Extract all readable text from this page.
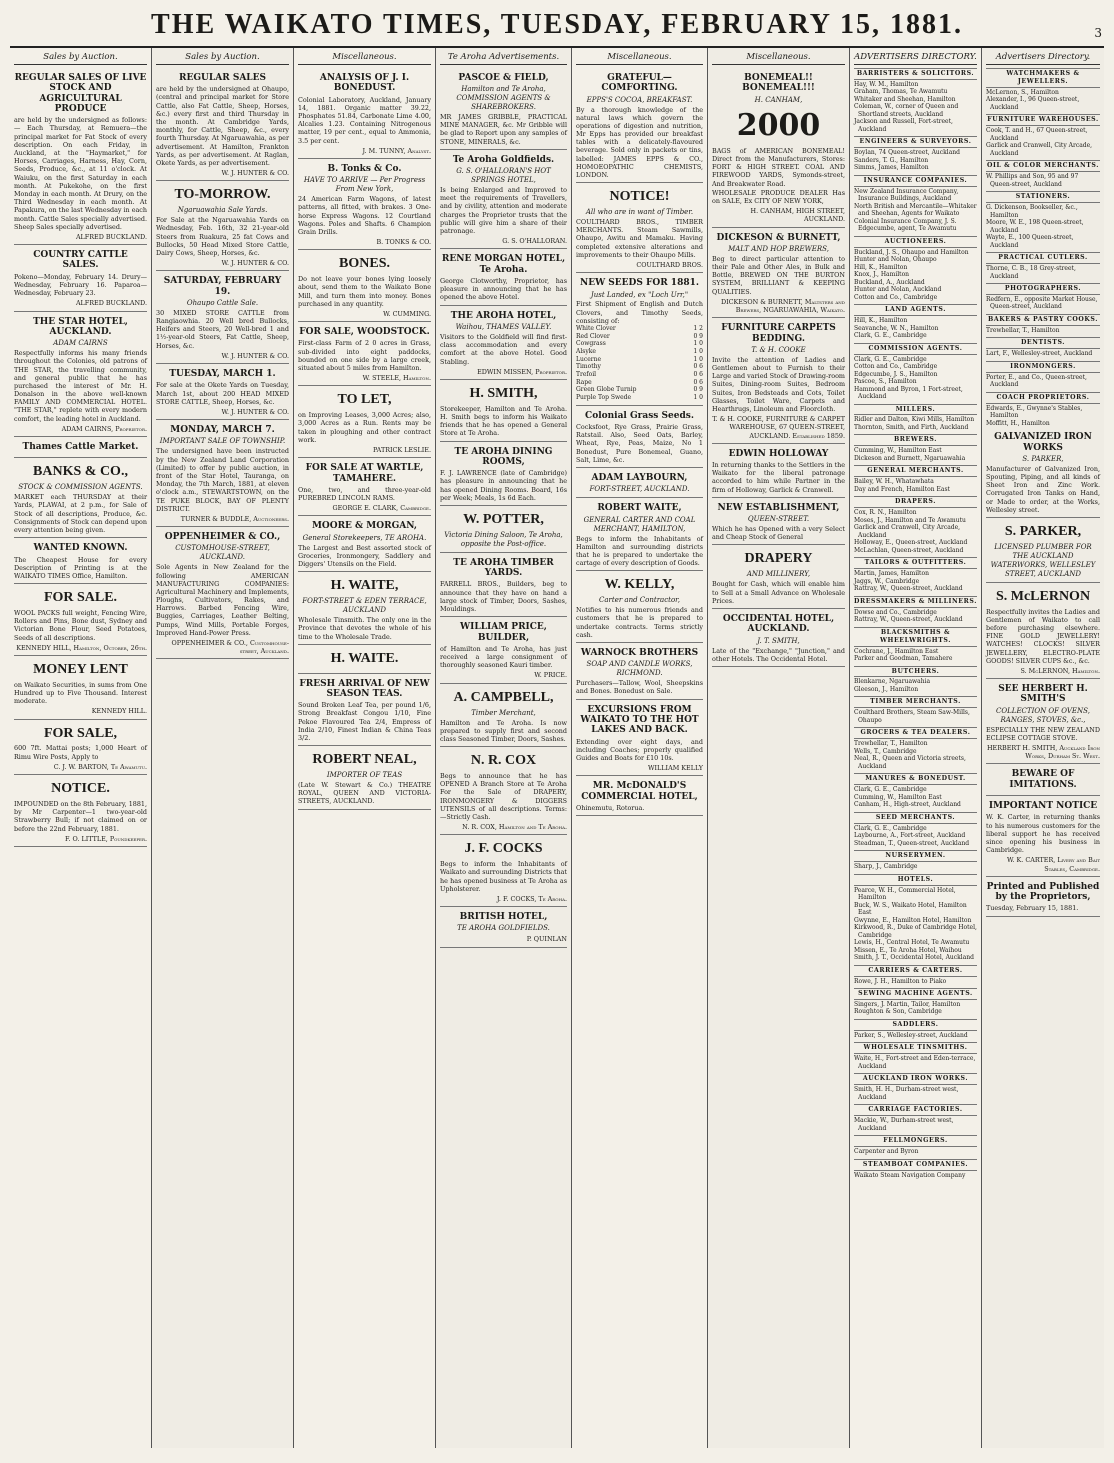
THE WAIKATO TIMES, TUESDAY, FEBRUARY 15, 1881.	3
Sales by Auction.
REGULAR SALES OF LIVE STOCK AND AGRICULTURAL PRODUCE

are held by the undersigned as follows:— Each Thursday, at Remuera—the principal market for Fat Stock of every description. On each Friday, in Auckland, at the "Haymarket," for Horses, Carriages, Harness, Hay, Corn, Seeds, Produce, &c., at 11 o'clock. At Waiuku, on the first Saturday in each month. At Pukekohe, on the first Monday in each month. At Drury, on the Third Wednesday in each month. At Papakura, on the last Wednesday in each month. Cattle Sales specially advertised. Sheep Sales specially advertised.

ALFRED BUCKLAND.
COUNTRY CATTLE SALES.

Pokeno—Monday, February 14. Drury—Wednesday, February 16. Paparoa—Wednesday, February 23.

ALFRED BUCKLAND.
THE STAR HOTEL, AUCKLAND.
ADAM CAIRNS

Respectfully informs his many friends throughout the Colonies, old patrons of THE STAR, the travelling community, and general public that he has purchased the interest of Mr. H. Donalson in the above well-known FAMILY AND COMMERCIAL HOTEL. "THE STAR," replete with every modern comfort, the leading hotel in Auckland.

ADAM CAIRNS, Proprietor.
Thames Cattle Market.
BANKS & CO.,
STOCK & COMMISSION AGENTS.

MARKET each THURSDAY at their Yards, PLAWAI, at 2 p.m., for Sale of Stock of all descriptions, Produce, &c. Consignments of Stock can depend upon every attention being given.

WANTED KNOWN.

The Cheapest House for every Description of Printing is at the WAIKATO TIMES Office, Hamilton.

FOR SALE.

WOOL PACKS full weight, Fencing Wire, Rollers and Pins, Bone dust, Sydney and Victorian Bone Flour, Seed Potatoes, Seeds of all descriptions.

KENNEDY HILL, Hamilton, October, 26th.
MONEY LENT

on Waikato Securities, in sums from One Hundred up to Five Thousand. Interest moderate.

KENNEDY HILL.
FOR SALE,

600 7ft. Mattai posts; 1,000 Heart of Rimu Wire Posts, Apply to

C. J. W. BARTON, Te Awamutu.
NOTICE.

IMPOUNDED on the 8th February, 1881, by Mr Carpenter—1 two-year-old Strawberry Bull; if not claimed on or before the 22nd February, 1881.

F. O. LITTLE, Poundkeeper.
Sales by Auction.
REGULAR SALES

are held by the undersigned at Ohaupo, (central and principal market for Store Cattle, also Fat Cattle, Sheep, Horses, &c.) every first and third Thursday in the month. At Cambridge Yards, monthly, for Cattle, Sheep, &c., every fourth Thursday. At Ngaruawahia, as per advertisement. At Hamilton, Frankton Yards, as per advertisement. At Raglan, Okete Yards, as per advertisement.

W. J. HUNTER & CO.
TO-MORROW.
Ngaruawahia Sale Yards.

For Sale at the Ngaruawahia Yards on Wednesday, Feb. 16th, 32 21-year-old Steers from Ruakura, 25 fat Cows and Bullocks, 50 Head Mixed Store Cattle, Dairy Cows, Sheep, Horses, &c.

W. J. HUNTER & CO.
SATURDAY, FEBRUARY 19.
Ohaupo Cattle Sale.

30 MIXED STORE CATTLE from Rangiaowhia. 20 Well bred Bullocks, Heifers and Steers, 20 Well-bred 1 and 1½-year-old Steers, Fat Cattle, Sheep, Horses, &c.

W. J. HUNTER & CO.
TUESDAY, MARCH 1.

For sale at the Okete Yards on Tuesday, March 1st, about 200 HEAD MIXED STORE CATTLE, Sheep, Horses, &c.

W. J. HUNTER & CO.
MONDAY, MARCH 7.
IMPORTANT SALE OF TOWNSHIP.

The undersigned have been instructed by the New Zealand Land Corporation (Limited) to offer by public auction, in front of the Star Hotel, Tauranga, on Monday, the 7th March, 1881, at eleven o'clock a.m., STEWARTSTOWN, on the TE PUKE BLOCK, BAY OF PLENTY DISTRICT.

TURNER & BUDDLE, Auctioneers.
OPPENHEIMER & CO.,
CUSTOMHOUSE-STREET, AUCKLAND.

Sole Agents in New Zealand for the following AMERICAN MANUFACTURING COMPANIES: Agricultural Machinery and Implements, Ploughs, Cultivators, Rakes, and Harrows. Barbed Fencing Wire, Buggies, Carriages, Leather Belting, Pumps, Wind Mills, Portable Forges, Improved Hand-Power Press.

OPPENHEIMER & CO., Customhouse-street, Auckland.
Miscellaneous.
ANALYSIS OF J. I. BONEDUST.

Colonial Laboratory, Auckland, January 14, 1881. Organic matter 39.22, Phosphates 51.84, Carbonate Lime 4.00, Alcalies 1.23. Containing Nitrogenous matter, 19 per cent., equal to Ammonia, 3.5 per cent.

J. M. TUNNY, Analyst.
B. Tonks & Co.
HAVE TO ARRIVE — Per Progress From New York,

24 American Farm Wagons, of latest patterns, all fitted, with brakes. 3 One-horse Express Wagons. 12 Courtland Wagons. Poles and Shafts. 6 Champion Grain Drills.

B. TONKS & CO.
BONES.

Do not leave your bones lying loosely about, send them to the Waikato Bone Mill, and turn them into money. Bones purchased in any quantity.

W. CUMMING.
FOR SALE, WOODSTOCK.

First-class Farm of 2 0 acres in Grass, sub-divided into eight paddocks, bounded on one side by a large creek, situated about 5 miles from Hamilton.

W. STEELE, Hamilton.
TO LET,

on Improving Leases, 3,000 Acres; also, 3,000 Acres as a Run. Rents may be taken in ploughing and other contract work.

PATRICK LESLIE.
FOR SALE AT WARTLE, TAMAHERE.

One, two, and three-year-old PUREBRED LINCOLN RAMS.

GEORGE E. CLARK, Cambridge.
MOORE & MORGAN,
General Storekeepers, TE AROHA.

The Largest and Best assorted stock of Groceries, Ironmongery, Saddlery and Diggers' Utensils on the Field.

H. WAITE,
FORT-STREET & EDEN TERRACE, AUCKLAND

Wholesale Tinsmith. The only one in the Province that devotes the whole of his time to the Wholesale Trade.

H. WAITE.
FRESH ARRIVAL OF NEW SEASON TEAS.

Sound Broken Leaf Tea, per pound 1/6, Strong Breakfast Congou 1/10, Fine Pekoe Flavoured Tea 2/4, Empress of India 2/10, Finest Indian & China Teas 3/2.

ROBERT NEAL,
IMPORTER OF TEAS

(Late W. Stewart & Co.) THEATRE ROYAL, QUEEN AND VICTORIA-STREETS, AUCKLAND.

Te Aroha Advertisements.
PASCOE & FIELD,
Hamilton and Te Aroha, COMMISSION AGENTS & SHAREBROKERS.

MR JAMES GRIBBLE, PRACTICAL MINE MANAGER, &c. Mr Gribble will be glad to Report upon any samples of STONE, MINERALS, &c.

Te Aroha Goldfields.
G. S. O'HALLORAN'S HOT SPRINGS HOTEL,

Is being Enlarged and Improved to meet the requirements of Travellers, and by civility, attention and moderate charges the Proprietor trusts that the public will give him a share of their patronage.

G. S. O'HALLORAN.
RENE MORGAN HOTEL, Te Aroha.

George Clotworthy, Proprietor, has pleasure in announcing that he has opened the above Hotel.

THE AROHA HOTEL,
Waihou, THAMES VALLEY.

Visitors to the Goldfield will find first-class accommodation and every comfort at the above Hotel. Good Stabling.

EDWIN MISSEN, Proprietor.
H. SMITH,

Storekeeper, Hamilton and Te Aroha. H. Smith begs to inform his Waikato friends that he has opened a General Store at Te Aroha.

TE AROHA DINING ROOMS,

F. J. LAWRENCE (late of Cambridge) has pleasure in announcing that he has opened Dining Rooms. Board, 16s per Week; Meals, 1s 6d Each.

W. POTTER,
Victoria Dining Saloon, Te Aroha, opposite the Post-office.
TE AROHA TIMBER YARDS.

FARRELL BROS., Builders, beg to announce that they have on hand a large stock of Timber, Doors, Sashes, Mouldings.

WILLIAM PRICE, BUILDER,

of Hamilton and Te Aroha, has just received a large consignment of thoroughly seasoned Kauri timber.

W. PRICE.
A. CAMPBELL,
Timber Merchant,

Hamilton and Te Aroha. Is now prepared to supply first and second class Seasoned Timber, Doors, Sashes.

N. R. COX

Begs to announce that he has OPENED A Branch Store at Te Aroha For the Sale of DRAPERY, IRONMONGERY & DIGGERS UTENSILS of all descriptions. Terms:—Strictly Cash.

N. R. COX, Hamilton and Te Aroha.
J. F. COCKS

Begs to inform the Inhabitants of Waikato and surrounding Districts that he has opened business at Te Aroha as Upholsterer.

J. F. COCKS, Te Aroha.
BRITISH HOTEL,
TE AROHA GOLDFIELDS.
P. QUINLAN
Miscellaneous.
GRATEFUL—COMFORTING.
EPPS'S COCOA, BREAKFAST.

By a thorough knowledge of the natural laws which govern the operations of digestion and nutrition, Mr Epps has provided our breakfast tables with a delicately-flavoured beverage. Sold only in packets or tins, labelled: JAMES EPPS & CO., HOMOEOPATHIC CHEMISTS, LONDON.

NOTICE!
All who are in want of Timber.

COULTHARD BROS., TIMBER MERCHANTS. Steam Sawmills, Ohaupo, Awitu and Mamaku. Having completed extensive alterations and improvements to their Ohaupo Mills.

COULTHARD BROS.
NEW SEEDS FOR 1881.
Just Landed, ex "Loch Urr,"

First Shipment of English and Dutch Clovers, and Timothy Seeds, consisting of:

White Clover	1 2
Red Clover	0 9
Cowgrass	1 0
Alsyke	1 0
Lucerne	1 0
Timothy	0 6
Trefoil	0 6
Rape	0 6
Green Globe Turnip	0 9
Purple Top Swede	1 0
Colonial Grass Seeds.

Cocksfoot, Rye Grass, Prairie Grass, Ratstail. Also, Seed Oats, Barley, Wheat, Rye, Peas, Maize, No 1 Bonedust, Pure Bonemeal, Guano, Salt, Lime, &c.

ADAM LAYBOURN,
FORT-STREET, AUCKLAND.
ROBERT WAITE,
GENERAL CARTER AND COAL MERCHANT, HAMILTON,

Begs to inform the Inhabitants of Hamilton and surrounding districts that he is prepared to undertake the cartage of every description of Goods.

W. KELLY,
Carter and Contractor,

Notifies to his numerous friends and customers that he is prepared to undertake contracts. Terms strictly cash.

WARNOCK BROTHERS
SOAP AND CANDLE WORKS, RICHMOND.

Purchasers—Tallow, Wool, Sheepskins and Bones. Bonedust on Sale.

EXCURSIONS FROM WAIKATO TO THE HOT LAKES AND BACK.

Extending over eight days, and including Coaches; properly qualified Guides and Boats for £10 10s.

WILLIAM KELLY
MR. McDONALD'S COMMERCIAL HOTEL,

Ohinemutu, Rotorua.

Miscellaneous.
BONEMEAL!! BONEMEAL!!!
H. CANHAM,
2000

BAGS of AMERICAN BONEMEAL! Direct from the Manufacturers, Stores: FORT & HIGH STREET. COAL AND FIREWOOD YARDS, Symonds-street, And Breakwater Road.

WHOLESALE PRODUCE DEALER Has on SALE, Ex CITY OF NEW YORK,

H. CANHAM, HIGH STREET, AUCKLAND.
DICKESON & BURNETT,
MALT AND HOP BREWERS,

Beg to direct particular attention to their Pale and Other Ales, in Bulk and Bottle, BREWED ON THE BURTON SYSTEM, BRILLIANT & KEEPING QUALITIES.

DICKESON & BURNETT, Maltsters and Brewers, NGARUAWAHIA, Waikato.
FURNITURE CARPETS BEDDING.
T. & H. COOKE

Invite the attention of Ladies and Gentlemen about to Furnish to their Large and varied Stock of Drawing-room Suites, Dining-room Suites, Bedroom Suites, Iron Bedsteads and Cots, Toilet Glasses, Toilet Ware, Carpets and Hearthrugs, Linoleum and Floorcloth.

T. & H. COOKE, FURNITURE & CARPET WAREHOUSE, 67 QUEEN-STREET, AUCKLAND. Established 1859.
EDWIN HOLLOWAY

In returning thanks to the Settlers in the Waikato for the liberal patronage accorded to him while Partner in the firm of Holloway, Garlick & Cranwell.

NEW ESTABLISHMENT,
QUEEN-STREET.

Which he has Opened with a very Select and Cheap Stock of General

DRAPERY
AND MILLINERY,

Bought for Cash, which will enable him to Sell at a Small Advance on Wholesale Prices.

OCCIDENTAL HOTEL, AUCKLAND.
J. T. SMITH,

Late of the "Exchange," "Junction," and other Hotels. The Occidental Hotel.

ADVERTISERS DIRECTORY.
BARRISTERS & SOLICITORS.
Hay, W. M., Hamilton
Graham, Thomas, Te Awamutu
Whitaker and Sheehan, Hamilton
Coleman, W., corner of Queen and Shortland streets, Auckland
Jackson and Russell, Fort-street, Auckland
ENGINEERS & SURVEYORS.
Boylan, 74 Queen-street, Auckland
Sanders, T. G., Hamilton
Simms, James, Hamilton
INSURANCE COMPANIES.
New Zealand Insurance Company, Insurance Buildings, Auckland
North British and Mercantile—Whitaker and Sheehan, Agents for Waikato
Colonial Insurance Company, J. S. Edgecumbe, agent, Te Awamutu
AUCTIONEERS.
Buckland, J. S., Ohaupo and Hamilton
Hunter and Nolan, Ohaupo
Hill, K., Hamilton
Knox, J., Hamilton
Buckland, A., Auckland
Hunter and Nolan, Auckland
Cotton and Co., Cambridge
LAND AGENTS.
Hill, K., Hamilton
Seavanche, W. N., Hamilton
Clark, G. E., Cambridge
COMMISSION AGENTS.
Clark, G. E., Cambridge
Cotton and Co., Cambridge
Edgecumbe, J. S., Hamilton
Pascoe, S., Hamilton
Hammond and Byron, 1 Fort-street, Auckland
MILLERS.
Ridler and Dalton, Kiwi Mills, Hamilton
Thornton, Smith, and Firth, Auckland
BREWERS.
Cumming, W., Hamilton East
Dickeson and Burnett, Ngaruawahia
GENERAL MERCHANTS.
Bailey, W. H., Whatawhata
Day and French, Hamilton East
DRAPERS.
Cox, R. N., Hamilton
Moses, J., Hamilton and Te Awamutu
Garlick and Cranwell, City Arcade, Auckland
Holloway, E., Queen-street, Auckland
McLachlan, Queen-street, Auckland
TAILORS & OUTFITTERS.
Martin, James, Hamilton
Jaggs, W., Cambridge
Rattray, W., Queen-street, Auckland
DRESSMAKERS & MILLINERS.
Dowse and Co., Cambridge
Rattray, W., Queen-street, Auckland
BLACKSMITHS & WHEELWRIGHTS.
Cochrane, J., Hamilton East
Parker and Goodman, Tamahere
BUTCHERS.
Blenkarne, Ngaruawahia
Gleeson, J., Hamilton
TIMBER MERCHANTS.
Coulthard Brothers, Steam Saw-Mills, Ohaupo
GROCERS & TEA DEALERS.
Trewhellar, T., Hamilton
Wells, T., Cambridge
Neal, R., Queen and Victoria streets, Auckland
MANURES & BONEDUST.
Clark, G. E., Cambridge
Cumming, W., Hamilton East
Canham, H., High-street, Auckland
SEED MERCHANTS.
Clark, G. E., Cambridge
Laybourne, A., Fort-street, Auckland
Steadman, T., Queen-street, Auckland
NURSERYMEN.
Sharp, J., Cambridge
HOTELS.
Pearce, W. H., Commercial Hotel, Hamilton
Buck, W. S., Waikato Hotel, Hamilton East
Gwynne, E., Hamilton Hotel, Hamilton
Kirkwood, R., Duke of Cambridge Hotel, Cambridge
Lewis, H., Central Hotel, Te Awamutu
Missen, E., Te Aroha Hotel, Waihou
Smith, J. T., Occidental Hotel, Auckland
CARRIERS & CARTERS.
Rowe, J. H., Hamilton to Piako
SEWING MACHINE AGENTS.
Singers, J. Martin, Tailor, Hamilton
Roughton & Son, Cambridge
SADDLERS.
Parker, S., Wellesley-street, Auckland
WHOLESALE TINSMITHS.
Waite, H., Fort-street and Eden-terrace, Auckland
AUCKLAND IRON WORKS.
Smith, H. H., Durham-street west, Auckland
CARRIAGE FACTORIES.
Mackie, W., Durham-street west, Auckland
FELLMONGERS.
Carpenter and Byron
STEAMBOAT COMPANIES.
Waikato Steam Navigation Company
Advertisers Directory.
WATCHMAKERS & JEWELLERS.
McLernon, S., Hamilton
Alexander, I., 96 Queen-street, Auckland
FURNITURE WAREHOUSES.
Cook, T. and H., 67 Queen-street, Auckland
Garlick and Cranwell, City Arcade, Auckland
OIL & COLOR MERCHANTS.
W. Phillips and Son, 95 and 97 Queen-street, Auckland
STATIONERS.
G. Dickenson, Bookseller, &c., Hamilton
Moore, W. E., 198 Queen-street, Auckland
Wayte, E., 100 Queen-street, Auckland
PRACTICAL CUTLERS.
Thorne, C. B., 18 Grey-street, Auckland
PHOTOGRAPHERS.
Redfern, E., opposite Market House, Queen-street, Auckland
BAKERS & PASTRY COOKS.
Trewhellar, T., Hamilton
DENTISTS.
Lart, F., Wellesley-street, Auckland
IRONMONGERS.
Porter, E., and Co., Queen-street, Auckland
COACH PROPRIETORS.
Edwards, E., Gwynne's Stables, Hamilton
Moffitt, H., Hamilton
GALVANIZED IRON WORKS
S. PARKER,

Manufacturer of Galvanized Iron, Spouting, Piping, and all kinds of Sheet Iron and Zinc Work. Corrugated Iron Tanks on Hand, or Made to order, at the Works, Wellesley street.

S. PARKER,
LICENSED PLUMBER FOR THE AUCKLAND WATERWORKS, WELLESLEY STREET, AUCKLAND
S. McLERNON

Respectfully invites the Ladies and Gentlemen of Waikato to call before purchasing elsewhere. FINE GOLD JEWELLERY! WATCHES! CLOCKS! SILVER JEWELLERY, ELECTRO-PLATE GOODS! SILVER CUPS &c., &c.

S. McLERNON, Hamilton.
SEE HERBERT H. SMITH'S
COLLECTION OF OVENS, RANGES, STOVES, &c.,

ESPECIALLY THE NEW ZEALAND ECLIPSE COTTAGE STOVE.

HERBERT H. SMITH, Auckland Iron Works, Durham St. West.
BEWARE OF IMITATIONS.
IMPORTANT NOTICE

W. K. Carter, in returning thanks to his numerous customers for the liberal support he has received since opening his business in Cambridge.

W. K. CARTER, Livery and Bait Stables, Cambridge.
Printed and Published by the Proprietors,

Tuesday, February 15, 1881.
